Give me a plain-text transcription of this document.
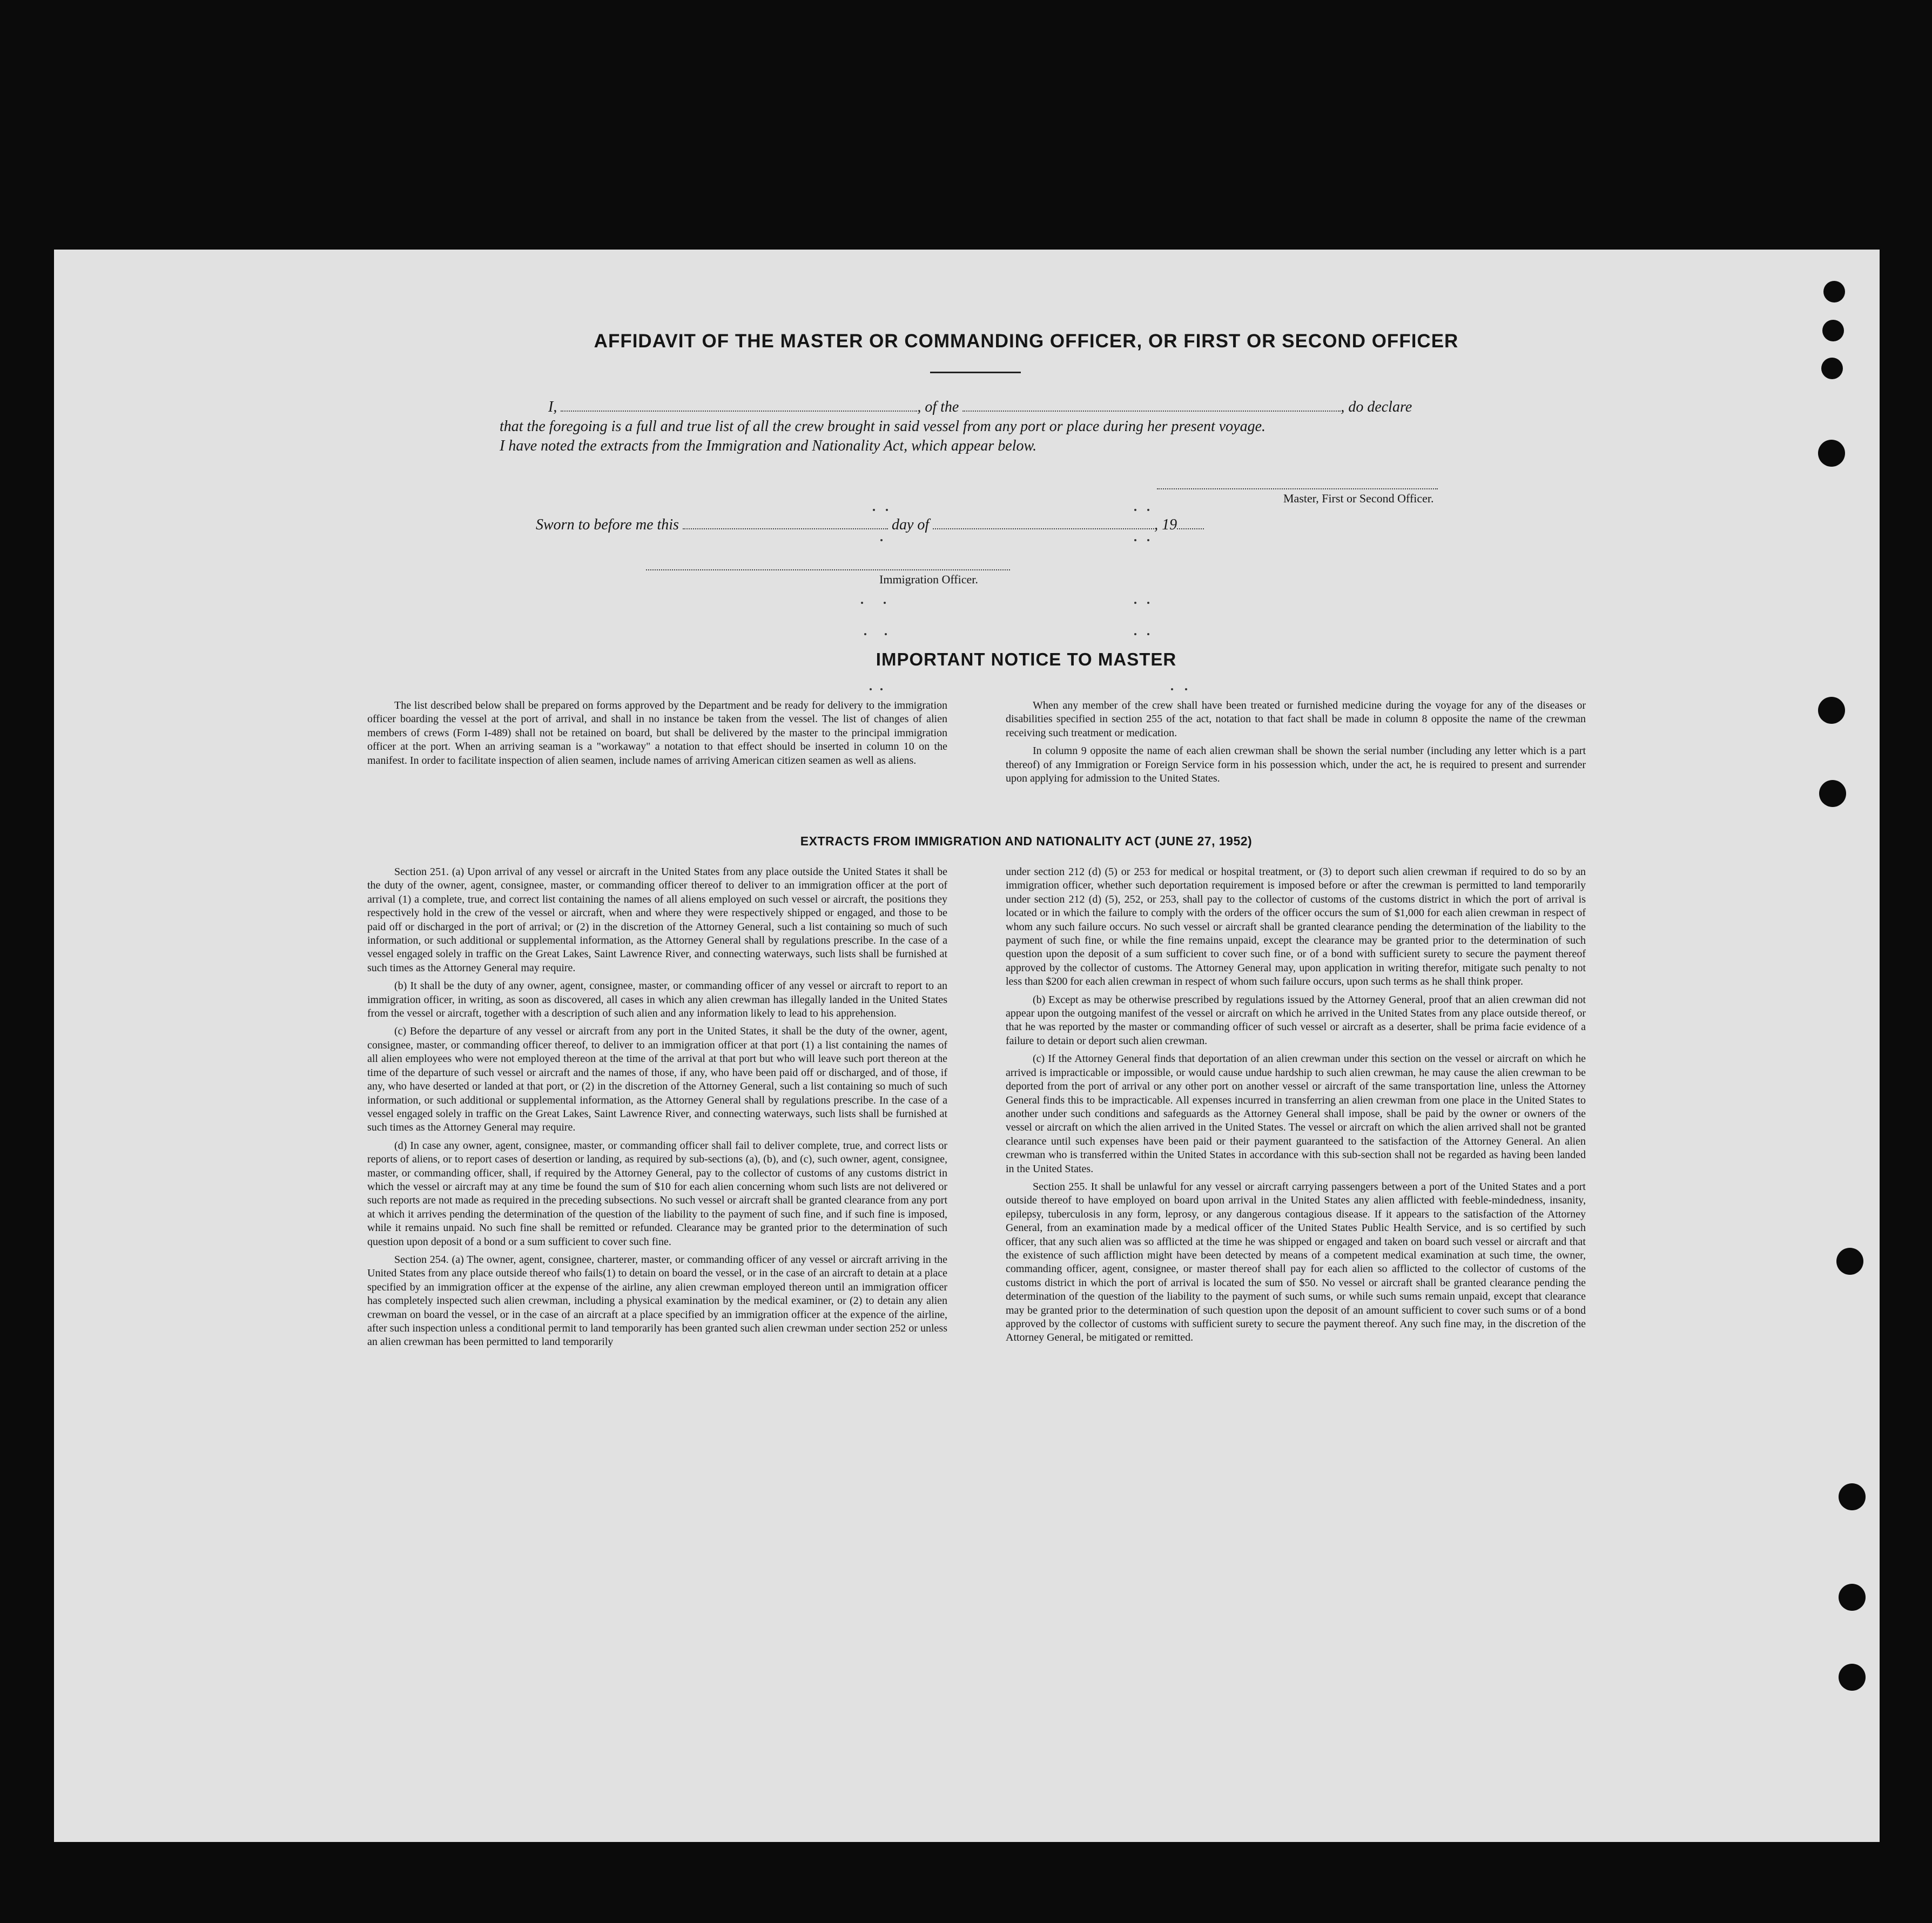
AFFIDAVIT OF THE MASTER OR COMMANDING OFFICER, OR FIRST OR SECOND OFFICER
I,	, of the	, do declare
that the foregoing is a full and true list of all the crew brought in said vessel from any port or place during her present voyage.
I have noted the extracts from the Immigration and Nationality Act, which appear below.
Master, First or Second Officer.
Sworn to before me this	day of	, 19
Immigration Officer.
IMPORTANT NOTICE TO MASTER

The list described below shall be prepared on forms approved by the Department and be ready for delivery to the immigration officer boarding the vessel at the port of arrival, and shall in no instance be taken from the vessel. The list of changes of alien members of crews (Form I-489) shall not be retained on board, but shall be delivered by the master to the principal immigration officer at the port. When an arriving seaman is a "workaway" a notation to that effect should be inserted in column 10 on the manifest. In order to facilitate inspection of alien seamen, include names of arriving American citizen seamen as well as aliens.

When any member of the crew shall have been treated or furnished medicine during the voyage for any of the diseases or disabilities specified in section 255 of the act, notation to that fact shall be made in column 8 opposite the name of the crewman receiving such treatment or medication.

In column 9 opposite the name of each alien crewman shall be shown the serial number (including any letter which is a part thereof) of any Immigration or Foreign Service form in his possession which, under the act, he is required to present and surrender upon applying for admission to the United States.

EXTRACTS FROM IMMIGRATION AND NATIONALITY ACT (JUNE 27, 1952)

Section 251. (a) Upon arrival of any vessel or aircraft in the United States from any place outside the United States it shall be the duty of the owner, agent, consignee, master, or commanding officer thereof to deliver to an immigration officer at the port of arrival (1) a complete, true, and correct list containing the names of all aliens employed on such vessel or aircraft, the positions they respectively hold in the crew of the vessel or aircraft, when and where they were respectively shipped or engaged, and those to be paid off or discharged in the port of arrival; or (2) in the discretion of the Attorney General, such a list containing so much of such information, or such additional or supplemental information, as the Attorney General shall by regulations prescribe. In the case of a vessel engaged solely in traffic on the Great Lakes, Saint Lawrence River, and connecting waterways, such lists shall be furnished at such times as the Attorney General may require.

(b) It shall be the duty of any owner, agent, consignee, master, or commanding officer of any vessel or aircraft to report to an immigration officer, in writing, as soon as discovered, all cases in which any alien crewman has illegally landed in the United States from the vessel or aircraft, together with a description of such alien and any information likely to lead to his apprehension.

(c) Before the departure of any vessel or aircraft from any port in the United States, it shall be the duty of the owner, agent, consignee, master, or commanding officer thereof, to deliver to an immigration officer at that port (1) a list containing the names of all alien employees who were not employed thereon at the time of the arrival at that port but who will leave such port thereon at the time of the departure of such vessel or aircraft and the names of those, if any, who have been paid off or discharged, and of those, if any, who have deserted or landed at that port, or (2) in the discretion of the Attorney General, such a list containing so much of such information, or such additional or supplemental information, as the Attorney General shall by regulations prescribe. In the case of a vessel engaged solely in traffic on the Great Lakes, Saint Lawrence River, and connecting waterways, such lists shall be furnished at such times as the Attorney General may require.

(d) In case any owner, agent, consignee, master, or commanding officer shall fail to deliver complete, true, and correct lists or reports of aliens, or to report cases of desertion or landing, as required by sub-sections (a), (b), and (c), such owner, agent, consignee, master, or commanding officer, shall, if required by the Attorney General, pay to the collector of customs of any customs district in which the vessel or aircraft may at any time be found the sum of $10 for each alien concerning whom such lists are not delivered or such reports are not made as required in the preceding subsections. No such vessel or aircraft shall be granted clearance from any port at which it arrives pending the determination of the question of the liability to the payment of such fine, and if such fine is imposed, while it remains unpaid. No such fine shall be remitted or refunded. Clearance may be granted prior to the determination of such question upon deposit of a bond or a sum sufficient to cover such fine.

Section 254. (a) The owner, agent, consignee, charterer, master, or commanding officer of any vessel or aircraft arriving in the United States from any place outside thereof who fails(1) to detain on board the vessel, or in the case of an aircraft to detain at a place specified by an immigration officer at the expense of the airline, any alien crewman employed thereon until an immigration officer has completely inspected such alien crewman, including a physical examination by the medical examiner, or (2) to detain any alien crewman on board the vessel, or in the case of an aircraft at a place specified by an immigration officer at the expence of the airline, after such inspection unless a conditional permit to land temporarily has been granted such alien crewman under section 252 or unless an alien crewman has been permitted to land temporarily

under section 212 (d) (5) or 253 for medical or hospital treatment, or (3) to deport such alien crewman if required to do so by an immigration officer, whether such deportation requirement is imposed before or after the crewman is permitted to land temporarily under section 212 (d) (5), 252, or 253, shall pay to the collector of customs of the customs district in which the port of arrival is located or in which the failure to comply with the orders of the officer occurs the sum of $1,000 for each alien crewman in respect of whom any such failure occurs. No such vessel or aircraft shall be granted clearance pending the determination of the liability to the payment of such fine, or while the fine remains unpaid, except the clearance may be granted prior to the determination of such question upon the deposit of a sum sufficient to cover such fine, or of a bond with sufficient surety to secure the payment thereof approved by the collector of customs. The Attorney General may, upon application in writing therefor, mitigate such penalty to not less than $200 for each alien crewman in respect of whom such failure occurs, upon such terms as he shall think proper.

(b) Except as may be otherwise prescribed by regulations issued by the Attorney General, proof that an alien crewman did not appear upon the outgoing manifest of the vessel or aircraft on which he arrived in the United States from any place outside thereof, or that he was reported by the master or commanding officer of such vessel or aircraft as a deserter, shall be prima facie evidence of a failure to detain or deport such alien crewman.

(c) If the Attorney General finds that deportation of an alien crewman under this section on the vessel or aircraft on which he arrived is impracticable or impossible, or would cause undue hardship to such alien crewman, he may cause the alien crewman to be deported from the port of arrival or any other port on another vessel or aircraft of the same transportation line, unless the Attorney General finds this to be impracticable. All expenses incurred in transferring an alien crewman from one place in the United States to another under such conditions and safeguards as the Attorney General shall impose, shall be paid by the owner or owners of the vessel or aircraft on which the alien arrived in the United States. The vessel or aircraft on which the alien arrived shall not be granted clearance until such expenses have been paid or their payment guaranteed to the satisfaction of the Attorney General. An alien crewman who is transferred within the United States in accordance with this sub-section shall not be regarded as having been landed in the United States.

Section 255. It shall be unlawful for any vessel or aircraft carrying passengers between a port of the United States and a port outside thereof to have employed on board upon arrival in the United States any alien afflicted with feeble-mindedness, insanity, epilepsy, tuberculosis in any form, leprosy, or any dangerous contagious disease. If it appears to the satisfaction of the Attorney General, from an examination made by a medical officer of the United States Public Health Service, and is so certified by such officer, that any such alien was so afflicted at the time he was shipped or engaged and taken on board such vessel or aircraft and that the existence of such affliction might have been detected by means of a competent medical examination at such time, the owner, commanding officer, agent, consignee, or master thereof shall pay for each alien so afflicted to the collector of customs of the customs district in which the port of arrival is located the sum of $50. No vessel or aircraft shall be granted clearance pending the determination of the question of the liability to the payment of such sums, or while such sums remain unpaid, except that clearance may be granted prior to the determination of such question upon the deposit of an amount sufficient to cover such sums or of a bond approved by the collector of customs with sufficient surety to secure the payment thereof. Any such fine may, in the discretion of the Attorney General, be mitigated or remitted.
